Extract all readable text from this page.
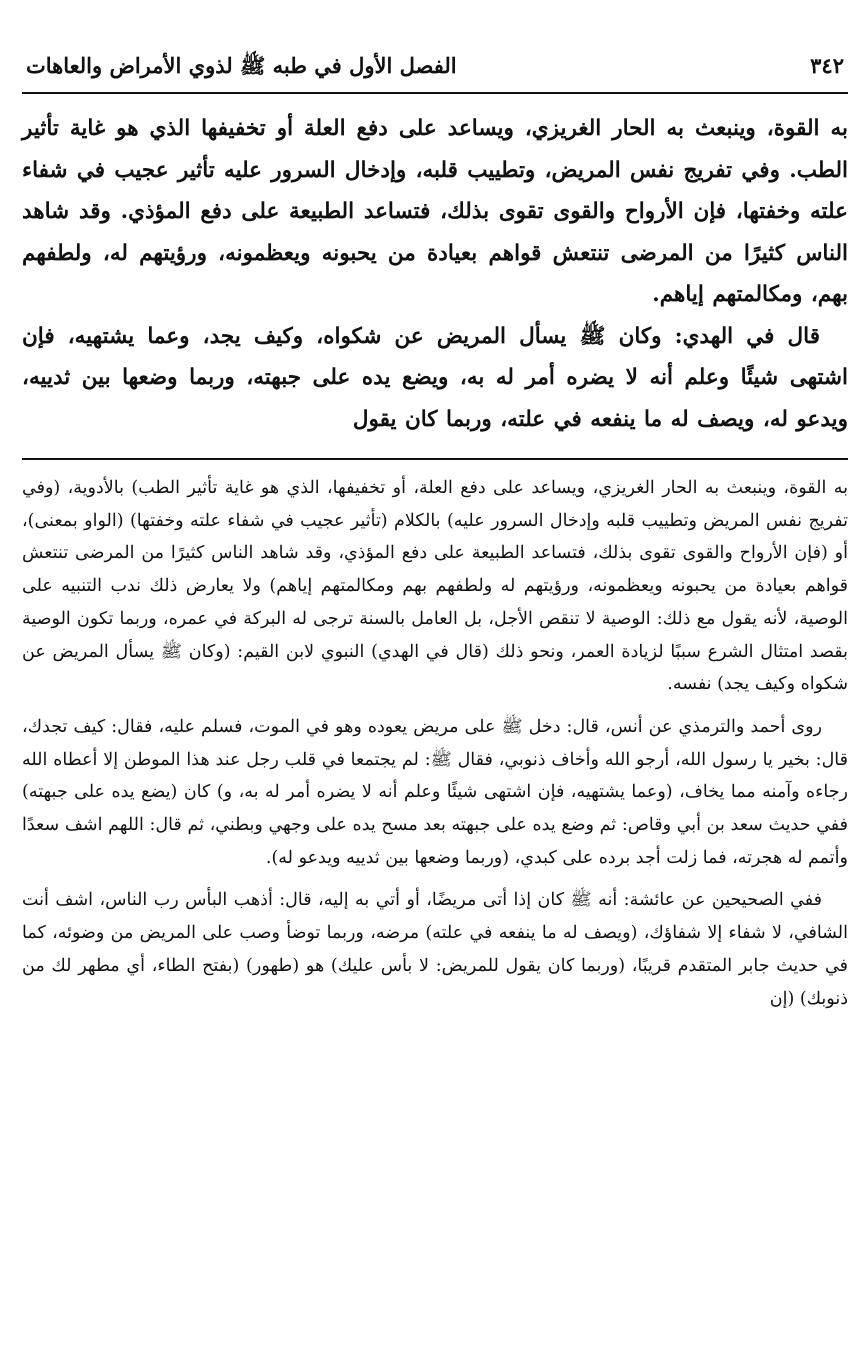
٣٤٢
الفصل الأول في طبه ﷺ لذوي الأمراض والعاهات

به القوة، وينبعث به الحار الغريزي، ويساعد على دفع العلة أو تخفيفها الذي هو غاية تأثير الطب. وفي تفريج نفس المريض، وتطييب قلبه، وإدخال السرور عليه تأثير عجيب في شفاء علته وخفتها، فإن الأرواح والقوى تقوى بذلك، فتساعد الطبيعة على دفع المؤذي. وقد شاهد الناس كثيرًا من المرضى تنتعش قواهم بعيادة من يحبونه ويعظمونه، ورؤيتهم له، ولطفهم بهم، ومكالمتهم إياهم.

قال في الهدي: وكان ﷺ يسأل المريض عن شكواه، وكيف يجد، وعما يشتهيه، فإن اشتهى شيئًا وعلم أنه لا يضره أمر له به، ويضع يده على جبهته، وربما وضعها بين ثدييه، ويدعو له، ويصف له ما ينفعه في علته، وربما كان يقول

به القوة، وينبعث به الحار الغريزي، ويساعد على دفع العلة، أو تخفيفها، الذي هو غاية تأثير الطب) بالأدوية، (وفي تفريج نفس المريض وتطييب قلبه وإدخال السرور عليه) بالكلام (تأثير عجيب في شفاء علته وخفتها) (الواو بمعنى)، أو (فإن الأرواح والقوى تقوى بذلك، فتساعد الطبيعة على دفع المؤذي، وقد شاهد الناس كثيرًا من المرضى تنتعش قواهم بعيادة من يحبونه ويعظمونه، ورؤيتهم له ولطفهم بهم ومكالمتهم إياهم) ولا يعارض ذلك ندب التنبيه على الوصية، لأنه يقول مع ذلك: الوصية لا تنقص الأجل، بل العامل بالسنة ترجى له البركة في عمره، وربما تكون الوصية بقصد امتثال الشرع سببًا لزيادة العمر، ونحو ذلك (قال في الهدي) النبوي لابن القيم: (وكان ﷺ يسأل المريض عن شكواه وكيف يجد) نفسه.

روى أحمد والترمذي عن أنس، قال: دخل ﷺ على مريض يعوده وهو في الموت، فسلم عليه، فقال: كيف تجدك، قال: بخير يا رسول الله، أرجو الله وأخاف ذنوبي، فقال ﷺ: لم يجتمعا في قلب رجل عند هذا الموطن إلا أعطاه الله رجاءه وآمنه مما يخاف، (وعما يشتهيه، فإن اشتهى شيئًا وعلم أنه لا يضره أمر له به، و) كان (يضع يده على جبهته) ففي حديث سعد بن أبي وقاص: ثم وضع يده على جبهته بعد مسح يده على وجهي وبطني، ثم قال: اللهم اشف سعدًا وأتمم له هجرته، فما زلت أجد برده على كبدي، (وربما وضعها بين ثدييه ويدعو له).

ففي الصحيحين عن عائشة: أنه ﷺ كان إذا أتى مريضًا، أو أتي به إليه، قال: أذهب البأس رب الناس، اشف أنت الشافي، لا شفاء إلا شفاؤك، (ويصف له ما ينفعه في علته) مرضه، وربما توضأ وصب على المريض من وضوئه، كما في حديث جابر المتقدم قريبًا، (وربما كان يقول للمريض: لا بأس عليك) هو (طهور) (بفتح الطاء، أي مطهر لك من ذنوبك) (إن
